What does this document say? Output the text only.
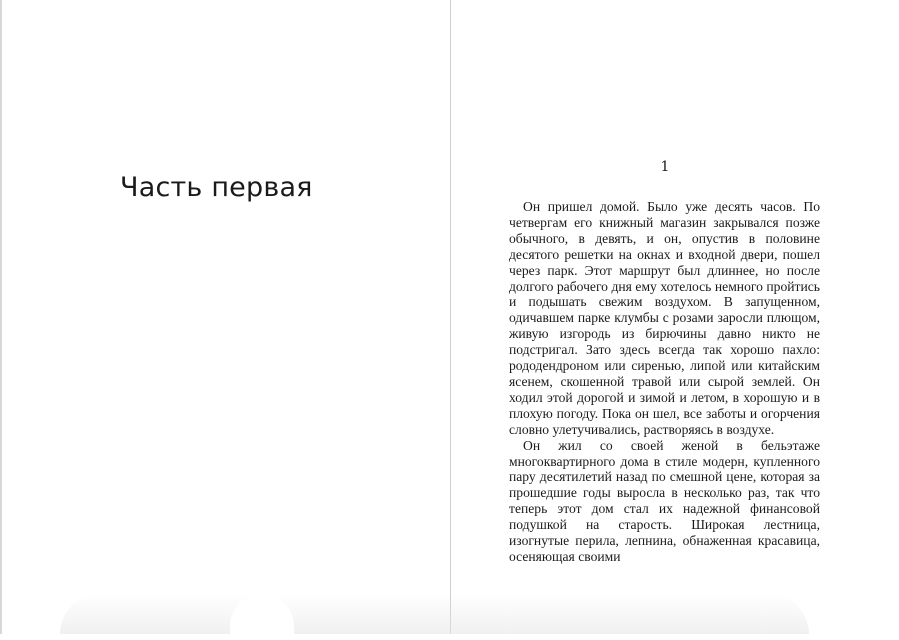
Часть первая
1

Он пришел домой. Было уже десять часов. По четвергам его книжный магазин закрывался позже обычного, в девять, и он, опустив в половине десятого решетки на окнах и входной двери, пошел через парк. Этот маршрут был длиннее, но после долгого рабочего дня ему хотелось немного пройтись и подышать свежим воздухом. В запущенном, одичавшем парке клумбы с розами заросли плющом, живую изгородь из бирючины давно никто не подстригал. Зато здесь всегда так хорошо пахло: рододендроном или сиренью, липой или китайским ясенем, скошенной травой или сырой землей. Он ходил этой дорогой и зимой и летом, в хорошую и в плохую погоду. Пока он шел, все заботы и огорчения словно улетучивались, растворяясь в воздухе.

Он жил со своей женой в бельэтаже многоквартирного дома в стиле модерн, купленного пару десятилетий назад по смешной цене, которая за прошедшие годы выросла в несколько раз, так что теперь этот дом стал их надежной финансовой подушкой на старость. Широкая лестница, изогнутые перила, лепнина, обнаженная красавица, осеняющая своими
